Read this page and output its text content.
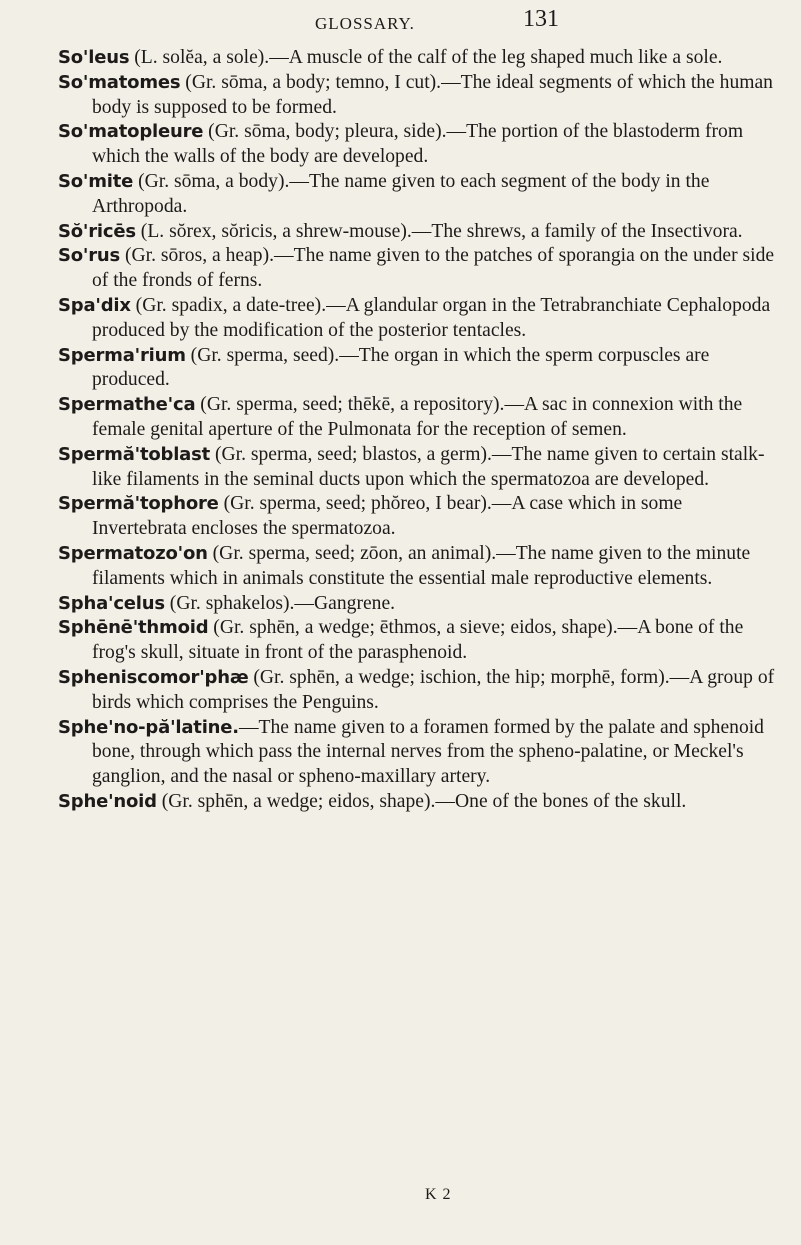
GLOSSARY.	131

So'leus (L. solĕa, a sole).—A muscle of the calf of the leg shaped much like a sole.

So'matomes (Gr. sōma, a body; temno, I cut).—The ideal segments of which the human body is supposed to be formed.

So'matopleure (Gr. sōma, body; pleura, side).—The portion of the blastoderm from which the walls of the body are developed.

So'mite (Gr. sōma, a body).—The name given to each segment of the body in the Arthropoda.

Sŏ'ricēs (L. sŏrex, sŏricis, a shrew-mouse).—The shrews, a family of the Insectivora.

So'rus (Gr. sōros, a heap).—The name given to the patches of sporangia on the under side of the fronds of ferns.

Spa'dix (Gr. spadix, a date-tree).—A glandular organ in the Tetrabranchiate Cephalopoda produced by the modification of the posterior tentacles.

Sperma'rium (Gr. sperma, seed).—The organ in which the sperm corpuscles are produced.

Spermathe'ca (Gr. sperma, seed; thēkē, a repository).—A sac in connexion with the female genital aperture of the Pulmonata for the reception of semen.

Spermă'toblast (Gr. sperma, seed; blastos, a germ).—The name given to certain stalk-like filaments in the seminal ducts upon which the spermatozoa are developed.

Spermă'tophore (Gr. sperma, seed; phŏreo, I bear).—A case which in some Invertebrata encloses the spermatozoa.

Spermatozo'on (Gr. sperma, seed; zōon, an animal).—The name given to the minute filaments which in animals constitute the essential male reproductive elements.

Spha'celus (Gr. sphakelos).—Gangrene.

Sphēnē'thmoid (Gr. sphēn, a wedge; ēthmos, a sieve; eidos, shape).—A bone of the frog's skull, situate in front of the parasphenoid.

Spheniscomor'phæ (Gr. sphēn, a wedge; ischion, the hip; morphē, form).—A group of birds which comprises the Penguins.

Sphe'no-pă'latine.—The name given to a foramen formed by the palate and sphenoid bone, through which pass the internal nerves from the spheno-palatine, or Meckel's ganglion, and the nasal or spheno-maxillary artery.

Sphe'noid (Gr. sphēn, a wedge; eidos, shape).—One of the bones of the skull.

K 2
